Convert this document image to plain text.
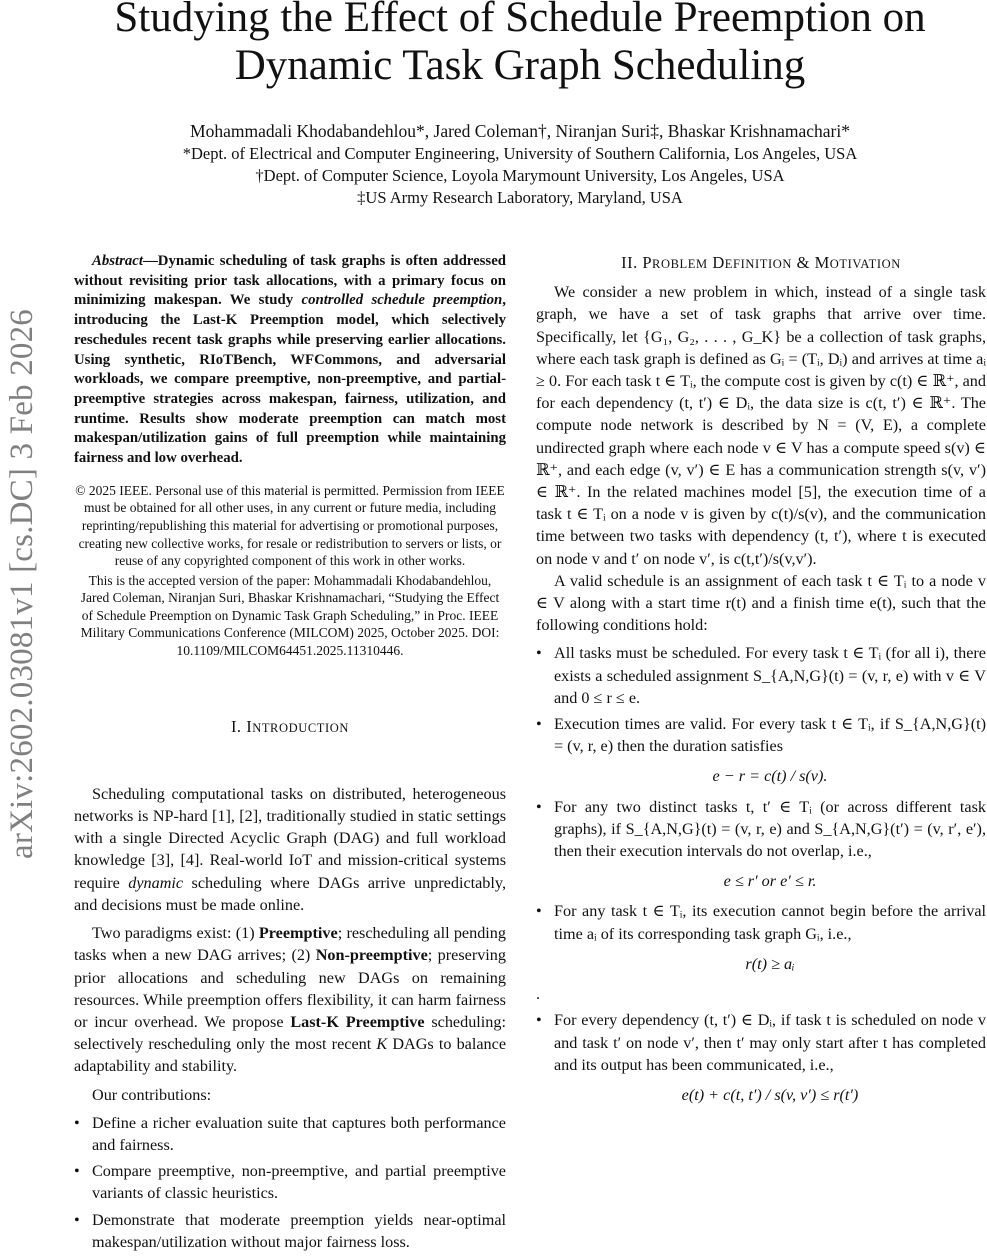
arXiv:2602.03081v1 [cs.DC] 3 Feb 2026
Studying the Effect of Schedule Preemption on
Dynamic Task Graph Scheduling
Mohammadali Khodabandehlou*, Jared Coleman†, Niranjan Suri‡, Bhaskar Krishnamachari*
*Dept. of Electrical and Computer Engineering, University of Southern California, Los Angeles, USA
†Dept. of Computer Science, Loyola Marymount University, Los Angeles, USA
‡US Army Research Laboratory, Maryland, USA

Abstract—Dynamic scheduling of task graphs is often addressed without revisiting prior task allocations, with a primary focus on minimizing makespan. We study controlled schedule preemption, introducing the Last-K Preemption model, which selectively reschedules recent task graphs while preserving earlier allocations. Using synthetic, RIoTBench, WFCommons, and adversarial workloads, we compare preemptive, non-preemptive, and partial-preemptive strategies across makespan, fairness, utilization, and runtime. Results show moderate preemption can match most makespan/utilization gains of full preemption while maintaining fairness and low overhead.

© 2025 IEEE. Personal use of this material is permitted. Permission from IEEE must be obtained for all other uses, in any current or future media, including reprinting/republishing this material for advertising or promotional purposes, creating new collective works, for resale or redistribution to servers or lists, or reuse of any copyrighted component of this work in other works.

This is the accepted version of the paper: Mohammadali Khodabandehlou, Jared Coleman, Niranjan Suri, Bhaskar Krishnamachari, “Studying the Effect of Schedule Preemption on Dynamic Task Graph Scheduling,” in Proc. IEEE Military Communications Conference (MILCOM) 2025, October 2025. DOI: 10.1109/MILCOM64451.2025.11310446.

I. INTRODUCTION

Scheduling computational tasks on distributed, heterogeneous networks is NP-hard [1], [2], traditionally studied in static settings with a single Directed Acyclic Graph (DAG) and full workload knowledge [3], [4]. Real-world IoT and mission-critical systems require dynamic scheduling where DAGs arrive unpredictably, and decisions must be made online.

Two paradigms exist: (1) Preemptive; rescheduling all pending tasks when a new DAG arrives; (2) Non-preemptive; preserving prior allocations and scheduling new DAGs on remaining resources. While preemption offers flexibility, it can harm fairness or incur overhead. We propose Last-K Preemptive scheduling: selectively rescheduling only the most recent K DAGs to balance adaptability and stability.

Our contributions:

• Define a richer evaluation suite that captures both performance and fairness.
• Compare preemptive, non-preemptive, and partial preemptive variants of classic heuristics.
• Demonstrate that moderate preemption yields near-optimal makespan/utilization without major fairness loss.
II. PROBLEM DEFINITION & MOTIVATION

We consider a new problem in which, instead of a single task graph, we have a set of task graphs that arrive over time. Specifically, let {G₁, G₂, . . . , G_K} be a collection of task graphs, where each task graph is defined as Gᵢ = (Tᵢ, Dᵢ) and arrives at time aᵢ ≥ 0. For each task t ∈ Tᵢ, the compute cost is given by c(t) ∈ ℝ⁺, and for each dependency (t, t′) ∈ Dᵢ, the data size is c(t, t′) ∈ ℝ⁺. The compute node network is described by N = (V, E), a complete undirected graph where each node v ∈ V has a compute speed s(v) ∈ ℝ⁺, and each edge (v, v′) ∈ E has a communication strength s(v, v′) ∈ ℝ⁺. In the related machines model [5], the execution time of a task t ∈ Tᵢ on a node v is given by c(t)/s(v), and the communication time between two tasks with dependency (t, t′), where t is executed on node v and t′ on node v′, is c(t,t′)/s(v,v′).

A valid schedule is an assignment of each task t ∈ Tᵢ to a node v ∈ V along with a start time r(t) and a finish time e(t), such that the following conditions hold:

• All tasks must be scheduled. For every task t ∈ Tᵢ (for all i), there exists a scheduled assignment S_{A,N,G}(t) = (v, r, e) with v ∈ V and 0 ≤ r ≤ e.
• Execution times are valid. For every task t ∈ Tᵢ, if S_{A,N,G}(t) = (v, r, e) then the duration satisfies
e − r = c(t) / s(v).
• For any two distinct tasks t, t′ ∈ Tᵢ (or across different task graphs), if S_{A,N,G}(t) = (v, r, e) and S_{A,N,G}(t′) = (v, r′, e′), then their execution intervals do not overlap, i.e.,
e ≤ r′ or e′ ≤ r.
• For any task t ∈ Tᵢ, its execution cannot begin before the arrival time aᵢ of its corresponding task graph Gᵢ, i.e.,
r(t) ≥ aᵢ
.
• For every dependency (t, t′) ∈ Dᵢ, if task t is scheduled on node v and task t′ on node v′, then t′ may only start after t has completed and its output has been communicated, i.e.,
e(t) + c(t, t′) / s(v, v′) ≤ r(t′)
